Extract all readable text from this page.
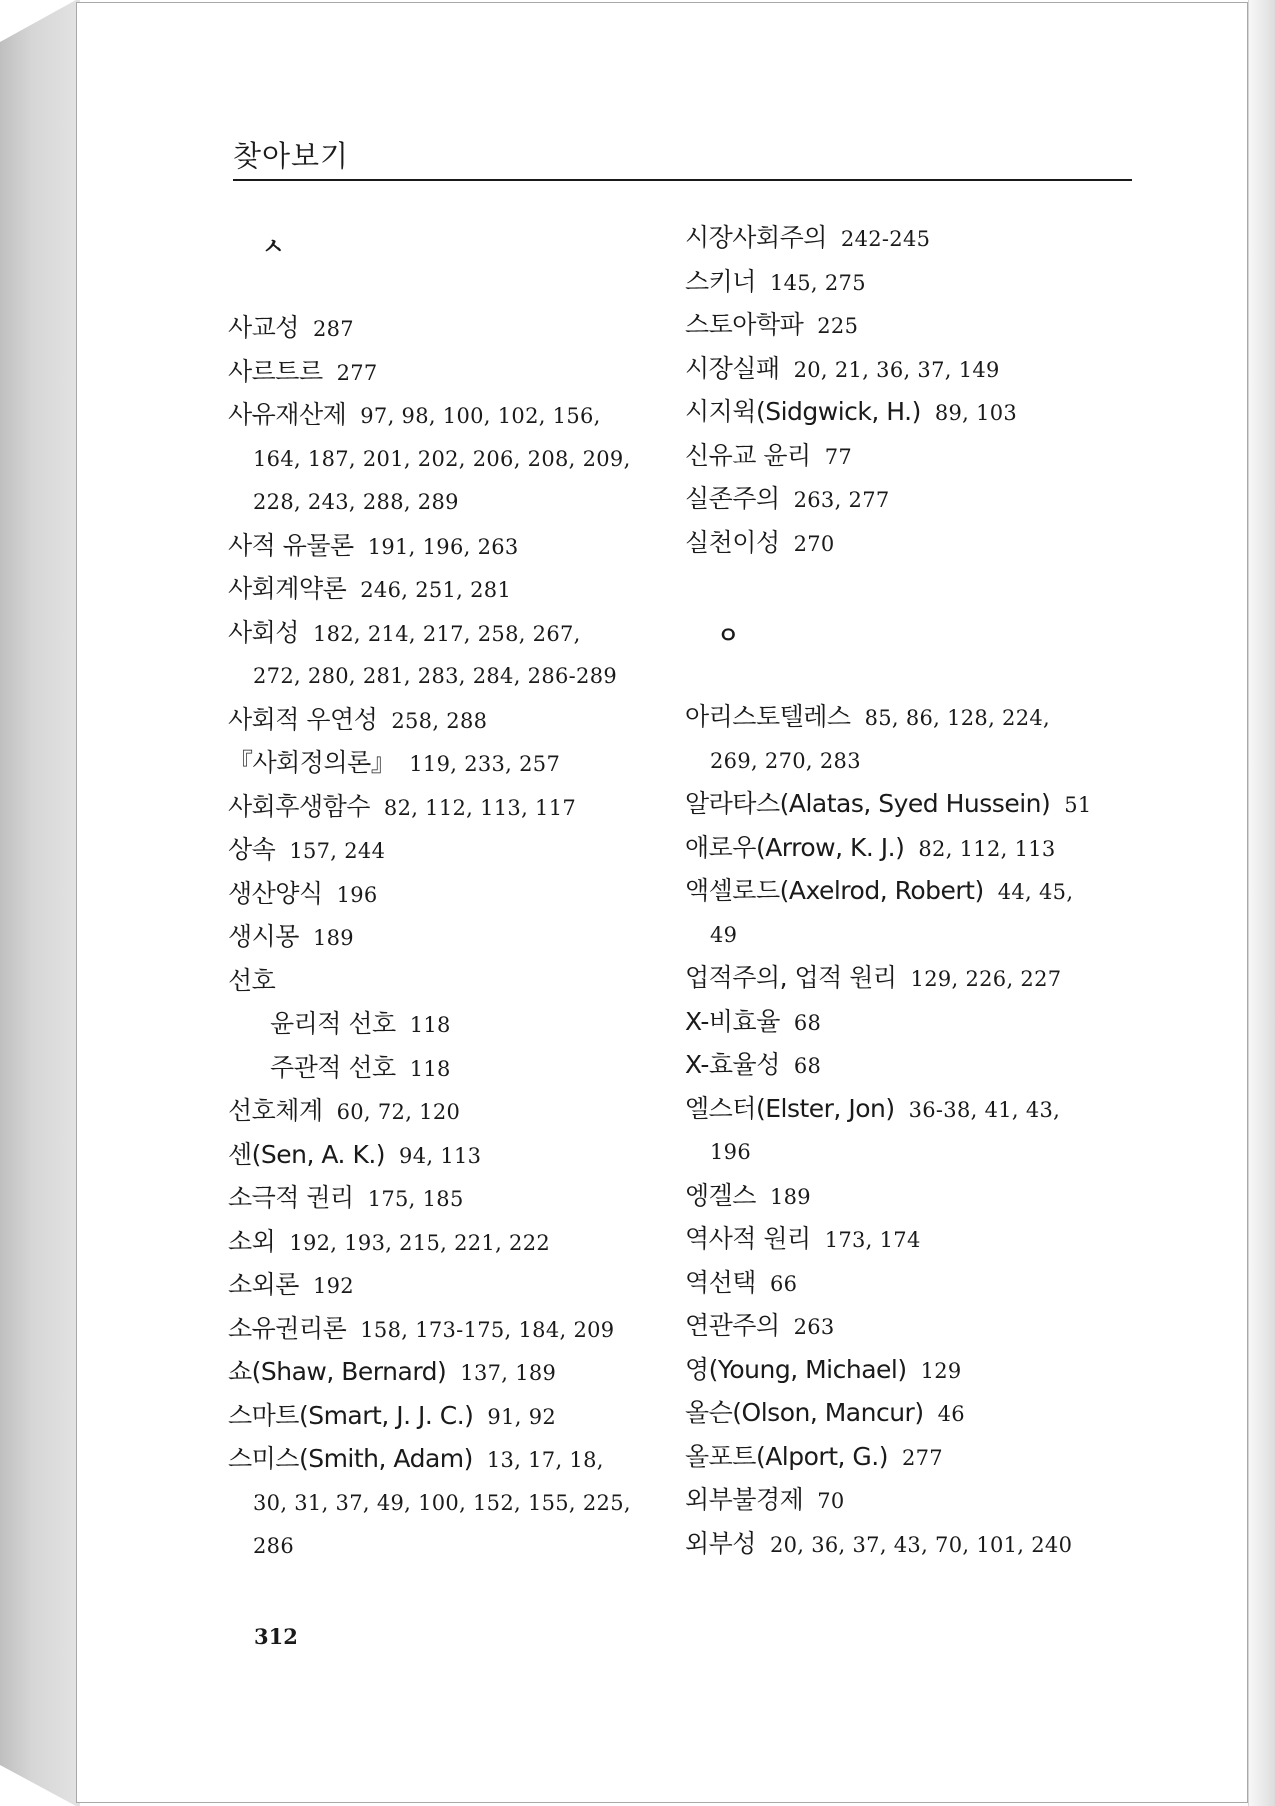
찾아보기
ㅅ
사교성 287
사르트르 277
사유재산제 97, 98, 100, 102, 156,
164, 187, 201, 202, 206, 208, 209,
228, 243, 288, 289
사적 유물론 191, 196, 263
사회계약론 246, 251, 281
사회성 182, 214, 217, 258, 267,
272, 280, 281, 283, 284, 286-289
사회적 우연성 258, 288
『사회정의론』 119, 233, 257
사회후생함수 82, 112, 113, 117
상속 157, 244
생산양식 196
생시몽 189
선호
윤리적 선호 118
주관적 선호 118
선호체계 60, 72, 120
센(Sen, A. K.) 94, 113
소극적 권리 175, 185
소외 192, 193, 215, 221, 222
소외론 192
소유권리론 158, 173-175, 184, 209
쇼(Shaw, Bernard) 137, 189
스마트(Smart, J. J. C.) 91, 92
스미스(Smith, Adam) 13, 17, 18,
30, 31, 37, 49, 100, 152, 155, 225,
286
ㅇ
시장사회주의 242-245
스키너 145, 275
스토아학파 225
시장실패 20, 21, 36, 37, 149
시지윅(Sidgwick, H.) 89, 103
신유교 윤리 77
실존주의 263, 277
실천이성 270
아리스토텔레스 85, 86, 128, 224,
269, 270, 283
알라타스(Alatas, Syed Hussein) 51
애로우(Arrow, K. J.) 82, 112, 113
액셀로드(Axelrod, Robert) 44, 45,
49
업적주의, 업적 원리 129, 226, 227
X-비효율 68
X-효율성 68
엘스터(Elster, Jon) 36-38, 41, 43,
196
엥겔스 189
역사적 원리 173, 174
역선택 66
연관주의 263
영(Young, Michael) 129
올슨(Olson, Mancur) 46
올포트(Alport, G.) 277
외부불경제 70
외부성 20, 36, 37, 43, 70, 101, 240
312
